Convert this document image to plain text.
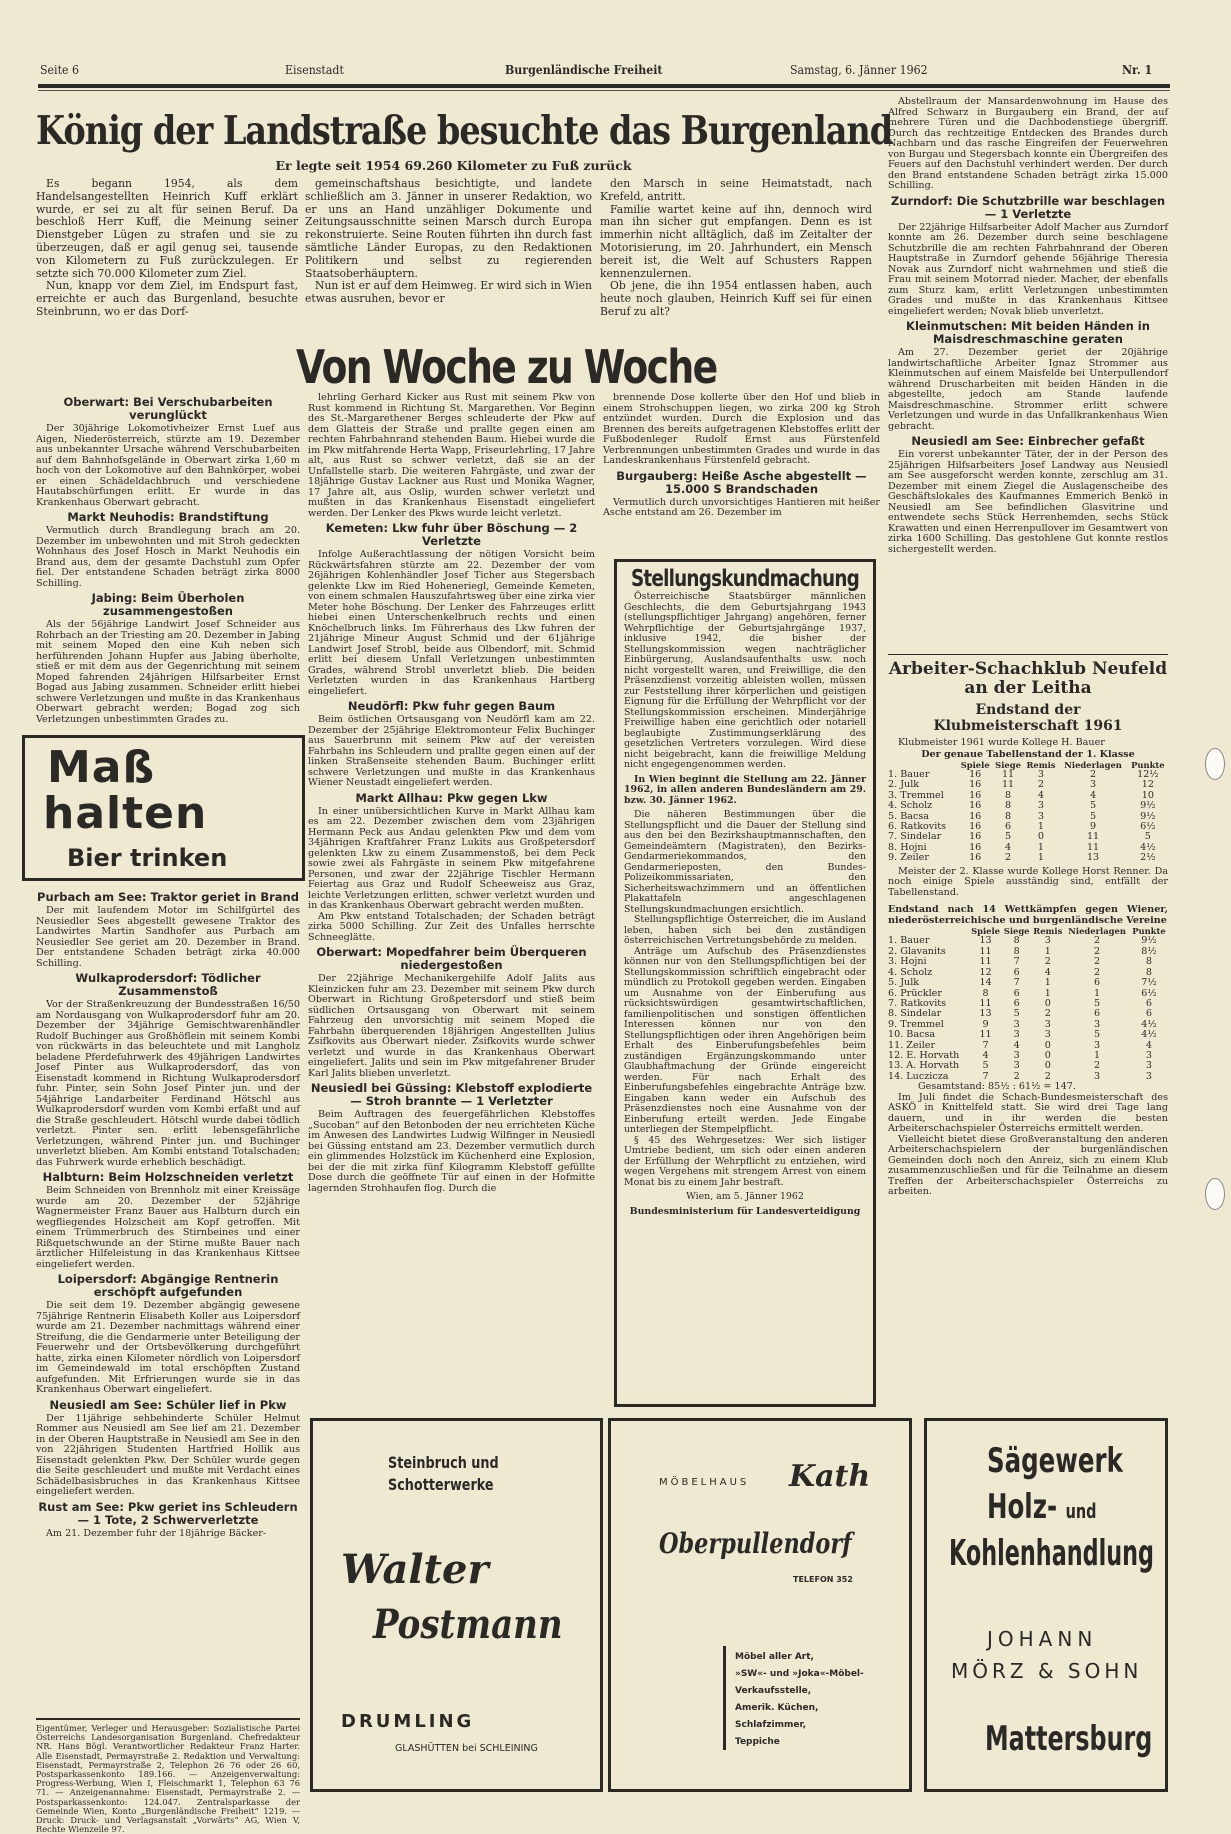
Seite 6	Eisenstadt	Burgenländische Freiheit	Samstag, 6. Jänner 1962	Nr. 1
König der Landstraße besuchte das Burgenland
Er legte seit 1954 69.260 Kilometer zu Fuß zurück

Es begann 1954, als dem Handelsangestellten Heinrich Kuff erklärt wurde, er sei zu alt für seinen Beruf. Da beschloß Herr Kuff, die Meinung seiner Dienstgeber Lügen zu strafen und sie zu überzeugen, daß er agil genug sei, tausende von Kilometern zu Fuß zurückzulegen. Er setzte sich 70.000 Kilometer zum Ziel.

Nun, knapp vor dem Ziel, im Endspurt fast, erreichte er auch das Burgenland, besuchte Steinbrunn, wo er das Dorf-

gemeinschaftshaus besichtigte, und landete schließlich am 3. Jänner in unserer Redaktion, wo er uns an Hand unzähliger Dokumente und Zeitungsausschnitte seinen Marsch durch Europa rekonstruierte. Seine Routen führten ihn durch fast sämtliche Länder Europas, zu den Redaktionen Politikern und selbst zu regierenden Staatsoberhäuptern.

Nun ist er auf dem Heimweg. Er wird sich in Wien etwas ausruhen, bevor er

den Marsch in seine Heimatstadt, nach Krefeld, antritt.

Familie wartet keine auf ihn, dennoch wird man ihn sicher gut empfangen. Denn es ist immerhin nicht alltäglich, daß im Zeitalter der Motorisierung, im 20. Jahrhundert, ein Mensch bereit ist, die Welt auf Schusters Rappen kennenzulernen.

Ob jene, die ihn 1954 entlassen haben, auch heute noch glauben, Heinrich Kuff sei für einen Beruf zu alt?

Von Woche zu Woche
Oberwart: Bei Verschubarbeiten verunglückt

Der 30jährige Lokomotivheizer Ernst Luef aus Aigen, Niederösterreich, stürzte am 19. Dezember aus unbekannter Ursache während Verschubarbeiten auf dem Bahnhofsgelände in Oberwart zirka 1,60 m hoch von der Lokomotive auf den Bahnkörper, wobei er einen Schädeldachbruch und verschiedene Hautabschürfungen erlitt. Er wurde in das Krankenhaus Oberwart gebracht.

Markt Neuhodis: Brandstiftung

Vermutlich durch Brandlegung brach am 20. Dezember im unbewohnten und mit Stroh gedeckten Wohnhaus des Josef Hosch in Markt Neuhodis ein Brand aus, dem der gesamte Dachstuhl zum Opfer fiel. Der entstandene Schaden beträgt zirka 8000 Schilling.

Jabing: Beim Überholen zusammengestoßen

Als der 56jährige Landwirt Josef Schneider aus Rohrbach an der Triesting am 20. Dezember in Jabing mit seinem Moped den eine Kuh neben sich herführenden Johann Hupfer aus Jabing überholte, stieß er mit dem aus der Gegenrichtung mit seinem Moped fahrenden 24jährigen Hilfsarbeiter Ernst Bogad aus Jabing zusammen. Schneider erlitt hiebei schwere Verletzungen und mußte in das Krankenhaus Oberwart gebracht werden; Bogad zog sich Verletzungen unbestimmten Grades zu.

Maß
halten
Bier trinken
Purbach am See: Traktor geriet in Brand

Der mit laufendem Motor im Schilfgürtel des Neusiedler Sees abgestellt gewesene Traktor des Landwirtes Martin Sandhofer aus Purbach am Neusiedler See geriet am 20. Dezember in Brand. Der entstandene Schaden beträgt zirka 40.000 Schilling.

Wulkaprodersdorf: Tödlicher Zusammenstoß

Vor der Straßenkreuzung der Bundesstraßen 16/50 am Nordausgang von Wulkaprodersdorf fuhr am 20. Dezember der 34jährige Gemischtwarenhändler Rudolf Buchinger aus Großhöflein mit seinem Kombi von rückwärts in das beleuchtete und mit Langholz beladene Pferdefuhrwerk des 49jährigen Landwirtes Josef Pinter aus Wulkaprodersdorf, das von Eisenstadt kommend in Richtung Wulkaprodersdorf fuhr. Pinter, sein Sohn Josef Pinter jun. und der 54jährige Landarbeiter Ferdinand Hötschl aus Wulkaprodersdorf wurden vom Kombi erfaßt und auf die Straße geschleudert. Hötschl wurde dabei tödlich verletzt. Pinter sen. erlitt lebensgefährliche Verletzungen, während Pinter jun. und Buchinger unverletzt blieben. Am Kombi entstand Totalschaden; das Fuhrwerk wurde erheblich beschädigt.

Halbturn: Beim Holzschneiden verletzt

Beim Schneiden von Brennholz mit einer Kreissäge wurde am 20. Dezember der 52jährige Wagnermeister Franz Bauer aus Halbturn durch ein wegfliegendes Holzscheit am Kopf getroffen. Mit einem Trümmerbruch des Stirnbeines und einer Rißquetschwunde an der Stirne mußte Bauer nach ärztlicher Hilfeleistung in das Krankenhaus Kittsee eingeliefert werden.

Loipersdorf: Abgängige Rentnerin erschöpft aufgefunden

Die seit dem 19. Dezember abgängig gewesene 75jährige Rentnerin Elisabeth Koller aus Loipersdorf wurde am 21. Dezember nachmittags während einer Streifung, die die Gendarmerie unter Beteiligung der Feuerwehr und der Ortsbevölkerung durchgeführt hatte, zirka einen Kilometer nördlich von Loipersdorf im Gemeindewald im total erschöpften Zustand aufgefunden. Mit Erfrierungen wurde sie in das Krankenhaus Oberwart eingeliefert.

Neusiedl am See: Schüler lief in Pkw

Der 11jährige sehbehinderte Schüler Helmut Rommer aus Neusiedl am See lief am 21. Dezember in der Oberen Hauptstraße in Neusiedl am See in den von 22jährigen Studenten Hartfried Hollik aus Eisenstadt gelenkten Pkw. Der Schüler wurde gegen die Seite geschleudert und mußte mit Verdacht eines Schädelbasisbruches in das Krankenhaus Kittsee eingeliefert werden.

Rust am See: Pkw geriet ins Schleudern — 1 Tote, 2 Schwerverletzte

Am 21. Dezember fuhr der 18jährige Bäcker-

Eigentümer, Verleger und Herausgeber: Sozialistische Partei Österreichs Landesorganisation Burgenland. Chefredakteur NR. Hans Bögl. Verantwortlicher Redakteur Franz Harter. Alle Eisenstadt, Permayrstraße 2. Redaktion und Verwaltung: Eisenstadt, Permayrstraße 2, Telephon 26 76 oder 26 60, Postsparkassenkonto 189.166. — Anzeigenverwaltung: Progress-Werbung, Wien I, Fleischmarkt 1, Telephon 63 76 71. — Anzeigenannahme: Eisenstadt, Permayrstraße 2. — Postsparkassenkonto: 124.047. Zentralsparkasse der Gemeinde Wien, Konto „Burgenländische Freiheit“ 1219. — Druck: Druck- und Verlagsanstalt „Vorwärts“ AG, Wien V, Rechte Wienzeile 97.

lehrling Gerhard Kicker aus Rust mit seinem Pkw von Rust kommend in Richtung St. Margarethen. Vor Beginn des St.-Margarethener Berges schleuderte der Pkw auf dem Glatteis der Straße und prallte gegen einen am rechten Fahrbahnrand stehenden Baum. Hiebei wurde die im Pkw mitfahrende Herta Wapp, Friseurlehrling, 17 Jahre alt, aus Rust so schwer verletzt, daß sie an der Unfallstelle starb. Die weiteren Fahrgäste, und zwar der 18jährige Gustav Lackner aus Rust und Monika Wagner, 17 Jahre alt, aus Oslip, wurden schwer verletzt und mußten in das Krankenhaus Eisenstadt eingeliefert werden. Der Lenker des Pkws wurde leicht verletzt.

Kemeten: Lkw fuhr über Böschung — 2 Verletzte

Infolge Außerachtlassung der nötigen Vorsicht beim Rückwärtsfahren stürzte am 22. Dezember der vom 26jährigen Kohlenhändler Josef Ticher aus Stegersbach gelenkte Lkw im Ried Hoheneriegl, Gemeinde Kemeten, von einem schmalen Hauszufahrtsweg über eine zirka vier Meter hohe Böschung. Der Lenker des Fahrzeuges erlitt hiebei einen Unterschenkelbruch rechts und einen Knöchelbruch links. Im Führerhaus des Lkw fuhren der 21jährige Mineur August Schmid und der 61jährige Landwirt Josef Strobl, beide aus Olbendorf, mit. Schmid erlitt bei diesem Unfall Verletzungen unbestimmten Grades, während Strobl unverletzt blieb. Die beiden Verletzten wurden in das Krankenhaus Hartberg eingeliefert.

Neudörfl: Pkw fuhr gegen Baum

Beim östlichen Ortsausgang von Neudörfl kam am 22. Dezember der 25jährige Elektromonteur Felix Buchinger aus Sauerbrunn mit seinem Pkw auf der vereisten Fahrbahn ins Schleudern und prallte gegen einen auf der linken Straßenseite stehenden Baum. Buchinger erlitt schwere Verletzungen und mußte in das Krankenhaus Wiener Neustadt eingeliefert werden.

Markt Allhau: Pkw gegen Lkw

In einer unübersichtlichen Kurve in Markt Allhau kam es am 22. Dezember zwischen dem vom 23jährigen Hermann Peck aus Andau gelenkten Pkw und dem vom 34jährigen Kraftfahrer Franz Lukits aus Großpetersdorf gelenkten Lkw zu einem Zusammenstoß, bei dem Peck sowie zwei als Fahrgäste in seinem Pkw mitgefahrene Personen, und zwar der 22jährige Tischler Hermann Feiertag aus Graz und Rudolf Scheeweisz aus Graz, leichte Verletzungen erlitten, schwer verletzt wurden und in das Krankenhaus Oberwart gebracht werden mußten.

Am Pkw entstand Totalschaden; der Schaden beträgt zirka 5000 Schilling. Zur Zeit des Unfalles herrschte Schneeglätte.

Oberwart: Mopedfahrer beim Überqueren niedergestoßen

Der 22jährige Mechanikergehilfe Adolf Jalits aus Kleinzicken fuhr am 23. Dezember mit seinem Pkw durch Oberwart in Richtung Großpetersdorf und stieß beim südlichen Ortsausgang von Oberwart mit seinem Fahrzeug den unvorsichtig mit seinem Moped die Fahrbahn überquerenden 18jährigen Angestellten Julius Zsifkovits aus Oberwart nieder. Zsifkovits wurde schwer verletzt und wurde in das Krankenhaus Oberwart eingeliefert. Jalits und sein im Pkw mitgefahrener Bruder Karl Jalits blieben unverletzt.

Neusiedl bei Güssing: Klebstoff explodierte — Stroh brannte — 1 Verletzter

Beim Auftragen des feuergefährlichen Klebstoffes „Sucoban“ auf den Betonboden der neu errichteten Küche im Anwesen des Landwirtes Ludwig Wilfinger in Neusiedl bei Güssing entstand am 23. Dezember vermutlich durch ein glimmendes Holzstück im Küchenherd eine Explosion, bei der die mit zirka fünf Kilogramm Klebstoff gefüllte Dose durch die geöffnete Tür auf einen in der Hofmitte lagernden Strohhaufen flog. Durch die

brennende Dose kollerte über den Hof und blieb in einem Strohschuppen liegen, wo zirka 200 kg Stroh entzündet wurden. Durch die Explosion und das Brennen des bereits aufgetragenen Klebstoffes erlitt der Fußbodenleger Rudolf Ernst aus Fürstenfeld Verbrennungen unbestimmten Grades und wurde in das Landeskrankenhaus Fürstenfeld gebracht.

Burgauberg: Heiße Asche abgestellt — 15.000 S Brandschaden

Vermutlich durch unvorsichtiges Hantieren mit heißer Asche entstand am 26. Dezember im

Stellungskundmachung

Österreichische Staatsbürger männlichen Geschlechts, die dem Geburtsjahrgang 1943 (stellungspflichtiger Jahrgang) angehören, ferner Wehrpflichtige der Geburtsjahrgänge 1937, inklusive 1942, die bisher der Stellungskommission wegen nachträglicher Einbürgerung, Auslandsaufenthalts usw. noch nicht vorgestellt waren, und Freiwillige, die den Präsenzdienst vorzeitig ableisten wollen, müssen zur Feststellung ihrer körperlichen und geistigen Eignung für die Erfüllung der Wehrpflicht vor der Stellungskommission erscheinen. Minderjährige Freiwillige haben eine gerichtlich oder notariell beglaubigte Zustimmungserklärung des gesetzlichen Vertreters vorzulegen. Wird diese nicht beigebracht, kann die freiwillige Meldung nicht engegengenommen werden.

In Wien beginnt die Stellung am 22. Jänner 1962, in allen anderen Bundesländern am 29. bzw. 30. Jänner 1962.

Die näheren Bestimmungen über die Stellungspflicht und die Dauer der Stellung sind aus den bei den Bezirkshauptmannschaften, den Gemeindeämtern (Magistraten), den Bezirks-Gendarmeriekommandos, den Gendarmerieposten, den Bundes-Polizeikommissariaten, den Sicherheitswachzimmern und an öffentlichen Plakattafeln angeschlagenen Stellungskundmachungen ersichtlich.

Stellungspflichtige Österreicher, die im Ausland leben, haben sich bei den zuständigen österreichischen Vertretungsbehörde zu melden.

Anträge um Aufschub des Präsenzdienstes können nur von den Stellungspflichtigen bei der Stellungskommission schriftlich eingebracht oder mündlich zu Protokoll gegeben werden. Eingaben um Ausnahme von der Einberufung aus rücksichtswürdigen gesamtwirtschaftlichen, familienpolitischen und sonstigen öffentlichen Interessen können nur von den Stellungspflichtigen oder ihren Angehörigen beim Erhalt des Einberufungsbefehles beim zuständigen Ergänzungskommando unter Glaubhaftmachung der Gründe eingereicht werden. Für nach Erhalt des Einberufungsbefehles eingebrachte Anträge bzw. Eingaben kann weder ein Aufschub des Präsenzdienstes noch eine Ausnahme von der Einberufung erteilt werden. Jede Eingabe unterliegen der Stempelpflicht.

§ 45 des Wehrgesetzes: Wer sich listiger Umtriebe bedient, um sich oder einen anderen der Erfüllung der Wehrpflicht zu entziehen, wird wegen Vergehens mit strengem Arrest von einem Monat bis zu einem Jahr bestraft.

Wien, am 5. Jänner 1962

Bundesministerium für Landesverteidigung

Abstellraum der Mansardenwohnung im Hause des Alfred Schwarz in Burgauberg ein Brand, der auf mehrere Türen und die Dachbodenstiege übergriff. Durch das rechtzeitige Entdecken des Brandes durch Nachbarn und das rasche Eingreifen der Feuerwehren von Burgau und Stegersbach konnte ein Übergreifen des Feuers auf den Dachstuhl verhindert werden. Der durch den Brand entstandene Schaden beträgt zirka 15.000 Schilling.

Zurndorf: Die Schutzbrille war beschlagen — 1 Verletzte

Der 22jährige Hilfsarbeiter Adolf Macher aus Zurndorf konnte am 26. Dezember durch seine beschlagene Schutzbrille die am rechten Fahrbahnrand der Oberen Hauptstraße in Zurndorf gehende 56jährige Theresia Novak aus Zurndorf nicht wahrnehmen und stieß die Frau mit seinem Motorrad nieder. Macher, der ebenfalls zum Sturz kam, erlitt Verletzungen unbestimmten Grades und mußte in das Krankenhaus Kittsee eingeliefert werden; Novak blieb unverletzt.

Kleinmutschen: Mit beiden Händen in Maisdreschmaschine geraten

Am 27. Dezember geriet der 20jährige landwirtschaftliche Arbeiter Ignaz Strommer aus Kleinmutschen auf einem Maisfelde bei Unterpullendorf während Druscharbeiten mit beiden Händen in die abgestellte, jedoch am Stande laufende Maisdreschmaschine. Strommer erlitt schwere Verletzungen und wurde in das Unfallkrankenhaus Wien gebracht.

Neusiedl am See: Einbrecher gefaßt

Ein vorerst unbekannter Täter, der in der Person des 25jährigen Hilfsarbeiters Josef Landway aus Neusiedl am See ausgeforscht werden konnte, zerschlug am 31. Dezember mit einem Ziegel die Auslagenscheibe des Geschäftslokales des Kaufmannes Emmerich Benkö in Neusiedl am See befindlichen Glasvitrine und entwendete sechs Stück Herrenhemden, sechs Stück Krawatten und einen Herrenpullover im Gesamtwert von zirka 1600 Schilling. Das gestohlene Gut konnte restlos sichergestellt werden.

Arbeiter-Schachklub Neufeld an der Leitha
Endstand der Klubmeisterschaft 1961

Klubmeister 1961 wurde Kollege H. Bauer

Der genaue Tabellenstand der 1. Klasse
	Spiele	Siege	Remis	Niederlagen	Punkte
1. Bauer	16	11	3	2	12½
2. Julk	16	11	2	3	12
3. Tremmel	16	8	4	4	10
4. Scholz	16	8	3	5	9½
5. Bacsa	16	8	3	5	9½
6. Ratkovits	16	6	1	9	6½
7. Sindelar	16	5	0	11	5
8. Hojni	16	4	1	11	4½
9. Zeiler	16	2	1	13	2½

Meister der 2. Klasse wurde Kollege Horst Renner. Da noch einige Spiele ausständig sind, entfällt der Tabellenstand.

Endstand nach 14 Wettkämpfen gegen Wiener, niederösterreichische und burgenländische Vereine
	Spiele	Siege	Remis	Niederlagen	Punkte
1. Bauer	13	8	3	2	9½
2. Glavanits	11	8	1	2	8½
3. Hojni	11	7	2	2	8
4. Scholz	12	6	4	2	8
5. Julk	14	7	1	6	7½
6. Prückler	8	6	1	1	6½
7. Ratkovits	11	6	0	5	6
8. Sindelar	13	5	2	6	6
9. Tremmel	9	3	3	3	4½
10. Bacsa	11	3	3	5	4½
11. Zeiler	7	4	0	3	4
12. E. Horvath	4	3	0	1	3
13. A. Horvath	5	3	0	2	3
14. Luczicza	7	2	2	3	3

Gesamtstand: 85½ : 61½ = 147.

Im Juli findet die Schach-Bundesmeisterschaft des ASKÖ in Knittelfeld statt. Sie wird drei Tage lang dauern, und in ihr werden die besten Arbeiterschachspieler Österreichs ermittelt werden.

Vielleicht bietet diese Großveranstaltung den anderen Arbeiterschachspielern der burgenländischen Gemeinden doch noch den Anreiz, sich zu einem Klub zusammenzuschließen und für die Teilnahme an diesem Treffen der Arbeiterschachspieler Österreichs zu arbeiten.

Steinbruch und
Schotterwerke
Walter
Postmann
DRUMLING
GLASHÜTTEN bei SCHLEINING
MÖBELHAUS Kath
Oberpullendorf
TELEFON 352
Möbel aller Art,
»SW«- und »Joka«-Möbel-
Verkaufsstelle,
Amerik. Küchen,
Schlafzimmer,
Teppiche
Sägewerk
Holz- und
Kohlenhandlung
JOHANN
MÖRZ & SOHN
Mattersburg
